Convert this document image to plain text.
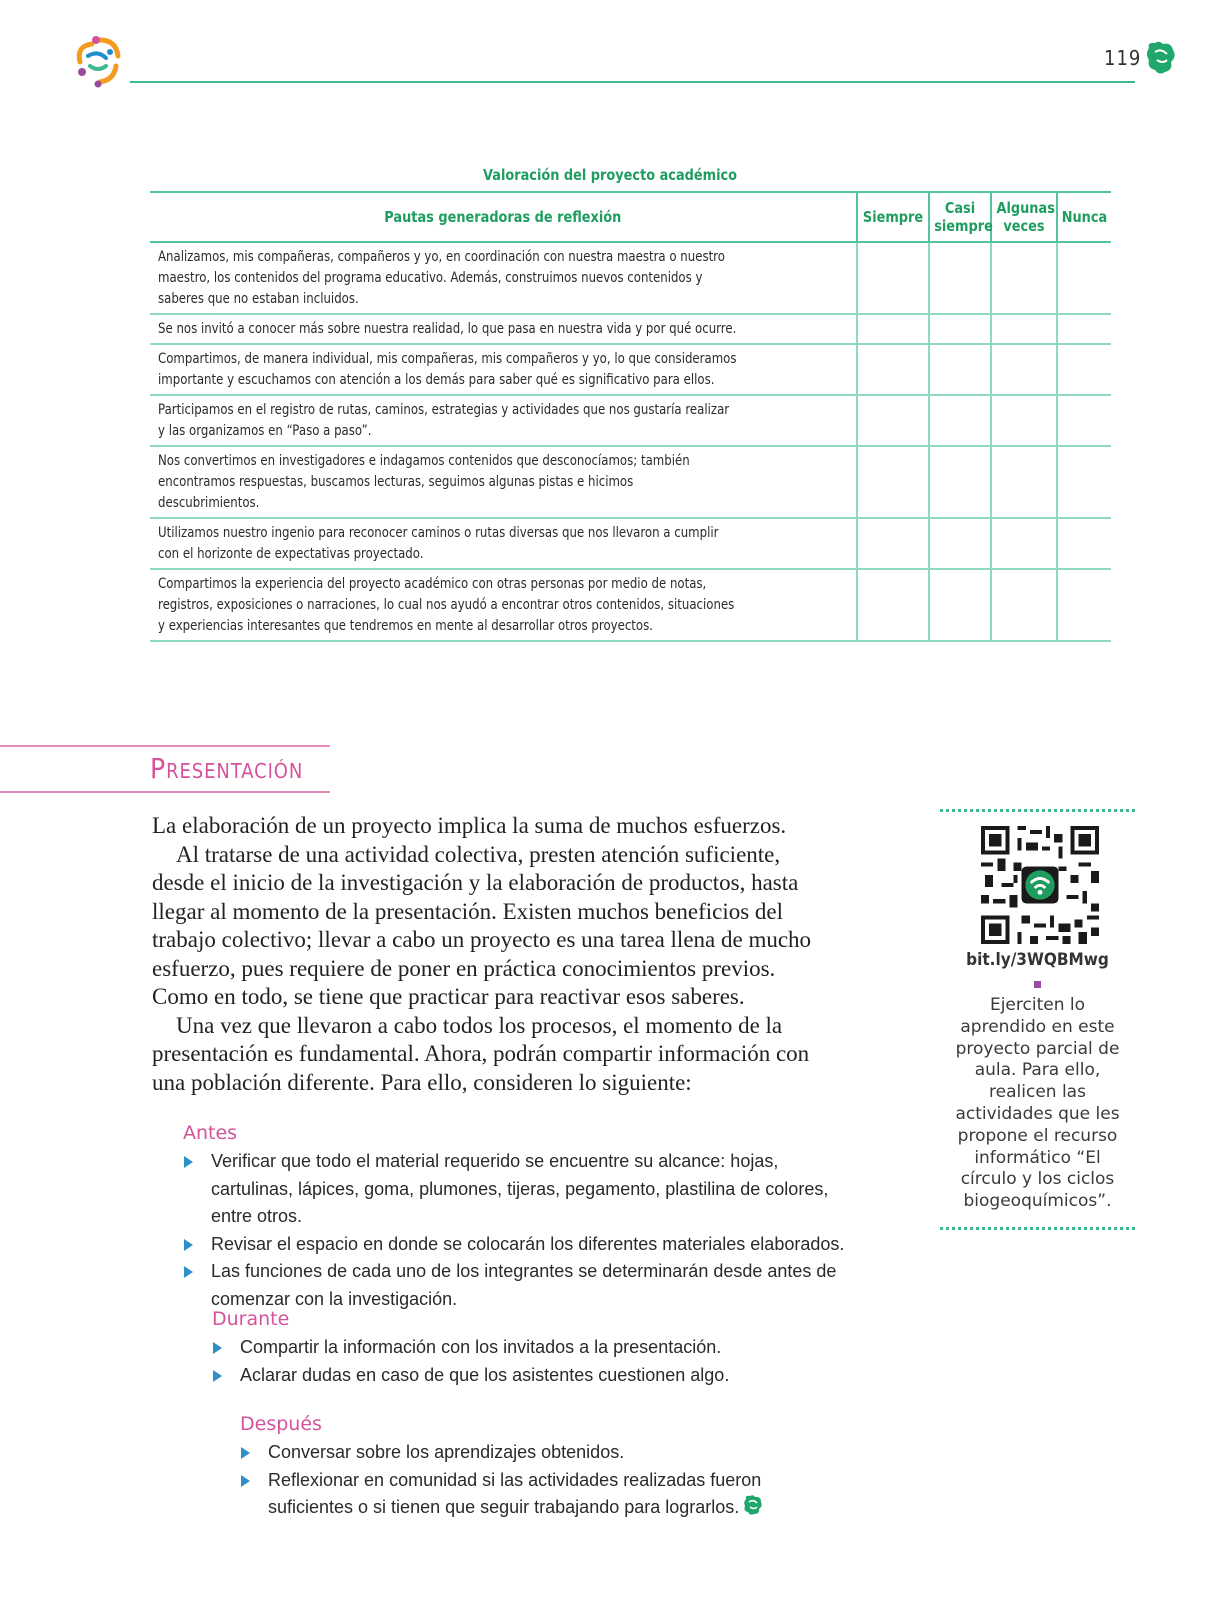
119
Valoración del proyecto académico
Pautas generadoras de reflexión	Siempre	Casi siempre	Algunas veces	Nunca

Analizamos, mis compañeras, compañeros y yo, en coordinación con nuestra maestra o nuestro maestro, los contenidos del programa educativo. Además, construimos nuevos contenidos y saberes que no estaban incluidos.				

Se nos invitó a conocer más sobre nuestra realidad, lo que pasa en nuestra vida y por qué ocurre.				

Compartimos, de manera individual, mis compañeras, mis compañeros y yo, lo que consideramos importante y escuchamos con atención a los demás para saber qué es significativo para ellos.				

Participamos en el registro de rutas, caminos, estrategias y actividades que nos gustaría realizar y las organizamos en “Paso a paso”.				

Nos convertimos en investigadores e indagamos contenidos que desconocíamos; también encontramos respuestas, buscamos lecturas, seguimos algunas pistas e hicimos descubrimientos.				

Utilizamos nuestro ingenio para reconocer caminos o rutas diversas que nos llevaron a cumplir con el horizonte de expectativas proyectado.				

Compartimos la experiencia del proyecto académico con otras personas por medio de notas, registros, exposiciones o narraciones, lo cual nos ayudó a encontrar otros contenidos, situaciones y experiencias interesantes que tendremos en mente al desarrollar otros proyectos.				

Presentación

La elaboración de un proyecto implica la suma de muchos esfuerzos.

Al tratarse de una actividad colectiva, presten atención suficiente, desde el inicio de la investigación y la elaboración de productos, hasta llegar al momento de la presentación. Existen muchos beneficios del trabajo colectivo; llevar a cabo un proyecto es una tarea llena de mucho esfuerzo, pues requiere de poner en práctica conocimientos previos. Como en todo, se tiene que practicar para reactivar esos saberes.

Una vez que llevaron a cabo todos los procesos, el momento de la presentación es fundamental. Ahora, podrán compartir información con una población diferente. Para ello, consideren lo siguiente:

Antes
Verificar que todo el material requerido se encuentre su alcance: hojas, cartulinas, lápices, goma, plumones, tijeras, pegamento, plastilina de colores, entre otros.
Revisar el espacio en donde se colocarán los diferentes materiales elaborados.
Las funciones de cada uno de los integrantes se determinarán desde antes de comenzar con la investigación.
Durante
Compartir la información con los invitados a la presentación.
Aclarar dudas en caso de que los asistentes cuestionen algo.
Después
Conversar sobre los aprendizajes obtenidos.
Reflexionar en comunidad si las actividades realizadas fueron suficientes o si tienen que seguir trabajando para lograrlos.
bit.ly/3WQBMwg
Ejerciten lo aprendido en este proyecto parcial de aula. Para ello, realicen las actividades que les propone el recurso informático “El círculo y los ciclos biogeoquímicos”.
